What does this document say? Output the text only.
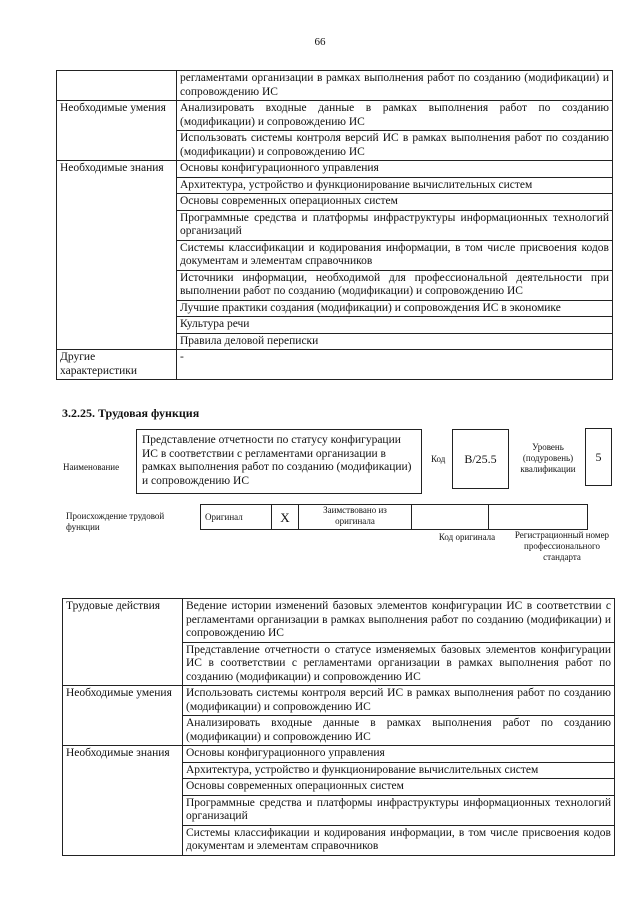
66
	регламентами организации в рамках выполнения работ по созданию (модификации) и сопровождению ИС
Необходимые умения	Анализировать входные данные в рамках выполнения работ по созданию (модификации) и сопровождению ИС
	Использовать системы контроля версий ИС в рамках выполнения работ по созданию (модификации) и сопровождению ИС
Необходимые знания	Основы конфигурационного управления
	Архитектура, устройство и функционирование вычислительных систем
	Основы современных операционных систем
	Программные средства и платформы инфраструктуры информационных технологий организаций
	Системы классификации и кодирования информации, в том числе присвоения кодов документам и элементам справочников
	Источники информации, необходимой для профессиональной деятельности при выполнении работ по созданию (модификации) и сопровождению ИС
	Лучшие практики создания (модификации) и сопровождения ИС в экономике
	Культура речи
	Правила деловой переписки
Другие характеристики	-
3.2.25. Трудовая функция
Наименование
Представление отчетности по статусу конфигурации ИС в соответствии с регламентами организации в рамках выполнения работ по созданию (модификации) и сопровождению ИС
Код	B/25.5
Уровень (подуровень) квалификации
5
Происхождение трудовой функции
Оригинал	X	Заимствовано из оригинала		
Код оригинала	Регистрационный номер профессионального стандарта
Трудовые действия	Ведение истории изменений базовых элементов конфигурации ИС в соответствии с регламентами организации в рамках выполнения работ по созданию (модификации) и сопровождению ИС
	Представление отчетности о статусе изменяемых базовых элементов конфигурации ИС в соответствии с регламентами организации в рамках выполнения работ по созданию (модификации) и сопровождению ИС
Необходимые умения	Использовать системы контроля версий ИС в рамках выполнения работ по созданию (модификации) и сопровождению ИС
	Анализировать входные данные в рамках выполнения работ по созданию (модификации) и сопровождению ИС
Необходимые знания	Основы конфигурационного управления
	Архитектура, устройство и функционирование вычислительных систем
	Основы современных операционных систем
	Программные средства и платформы инфраструктуры информационных технологий организаций
	Системы классификации и кодирования информации, в том числе присвоения кодов документам и элементам справочников
